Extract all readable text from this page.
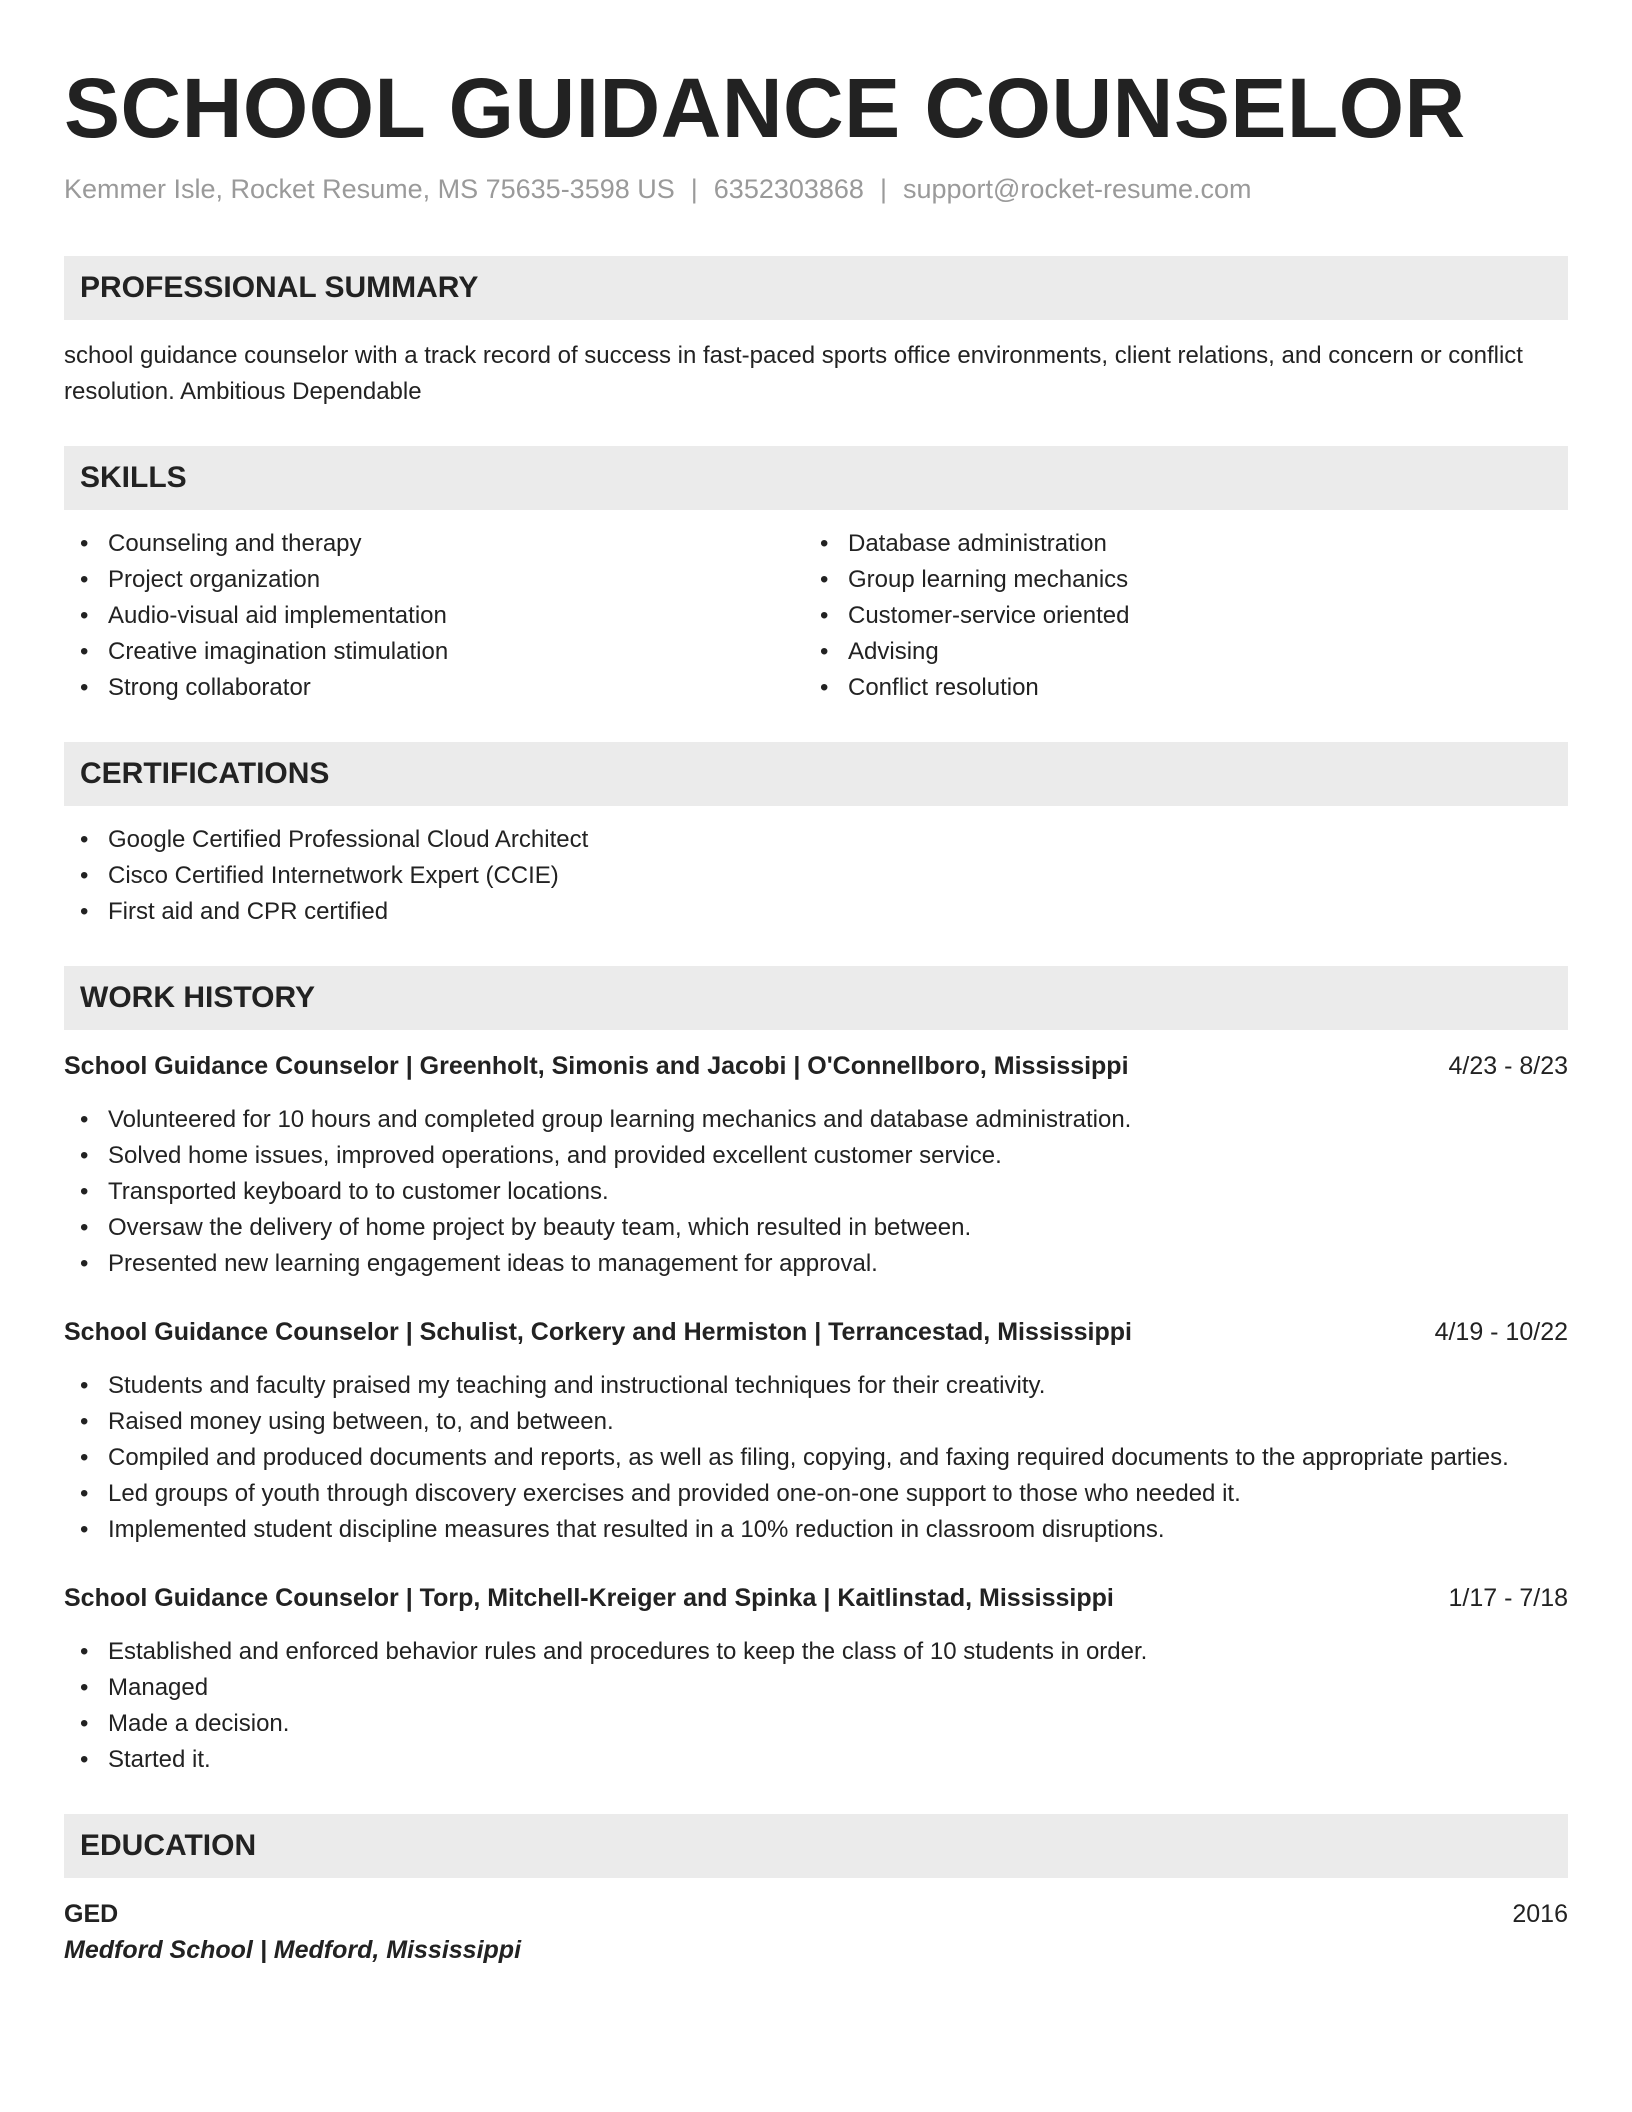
SCHOOL GUIDANCE COUNSELOR
Kemmer Isle, Rocket Resume, MS 75635-3598 US | 6352303868 | support@rocket-resume.com
PROFESSIONAL SUMMARY
school guidance counselor with a track record of success in fast-paced sports office environments, client relations, and concern or conflict resolution. Ambitious Dependable
SKILLS
• Counseling and therapy
• Project organization
• Audio-visual aid implementation
• Creative imagination stimulation
• Strong collaborator
• Database administration
• Group learning mechanics
• Customer-service oriented
• Advising
• Conflict resolution
CERTIFICATIONS
• Google Certified Professional Cloud Architect
• Cisco Certified Internetwork Expert (CCIE)
• First aid and CPR certified
WORK HISTORY
School Guidance Counselor | Greenholt, Simonis and Jacobi | O'Connellboro, Mississippi	4/23 - 8/23
• Volunteered for 10 hours and completed group learning mechanics and database administration.
• Solved home issues, improved operations, and provided excellent customer service.
• Transported keyboard to to customer locations.
• Oversaw the delivery of home project by beauty team, which resulted in between.
• Presented new learning engagement ideas to management for approval.
School Guidance Counselor | Schulist, Corkery and Hermiston | Terrancestad, Mississippi	4/19 - 10/22
• Students and faculty praised my teaching and instructional techniques for their creativity.
• Raised money using between, to, and between.
• Compiled and produced documents and reports, as well as filing, copying, and faxing required documents to the appropriate parties.
• Led groups of youth through discovery exercises and provided one-on-one support to those who needed it.
• Implemented student discipline measures that resulted in a 10% reduction in classroom disruptions.
School Guidance Counselor | Torp, Mitchell-Kreiger and Spinka | Kaitlinstad, Mississippi	1/17 - 7/18
• Established and enforced behavior rules and procedures to keep the class of 10 students in order.
• Managed
• Made a decision.
• Started it.
EDUCATION
GED	2016
Medford School | Medford, Mississippi
